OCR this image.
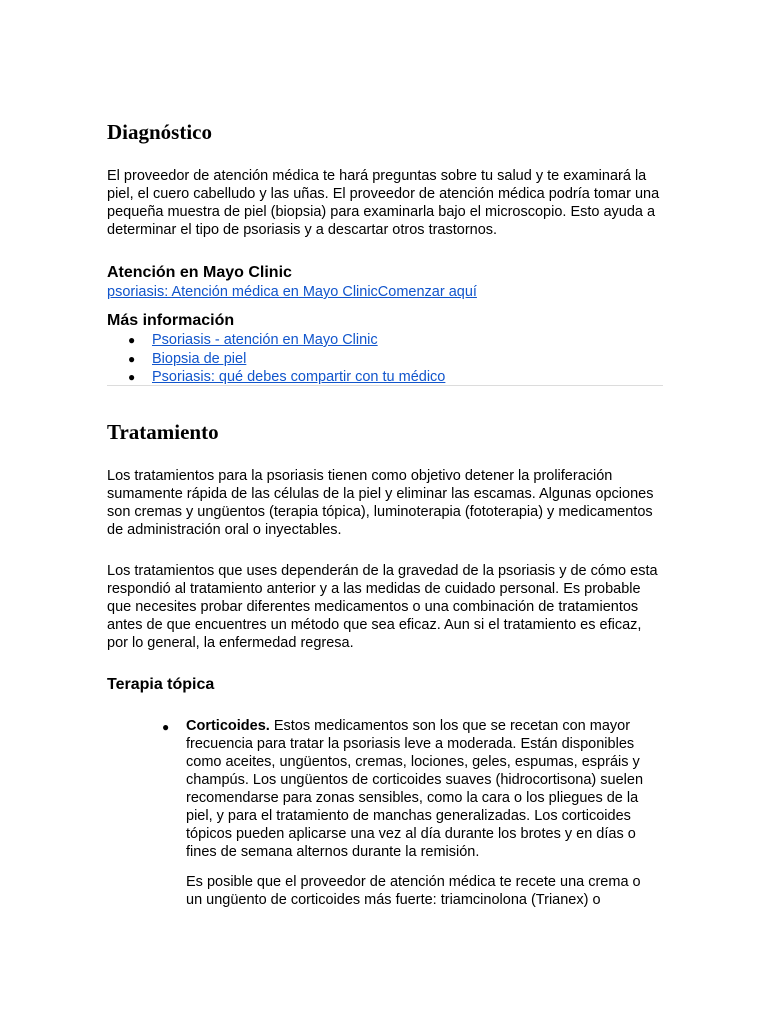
Diagnóstico

El proveedor de atención médica te hará preguntas sobre tu salud y te examinará la piel, el cuero cabelludo y las uñas. El proveedor de atención médica podría tomar una pequeña muestra de piel (biopsia) para examinarla bajo el microscopio. Esto ayuda a determinar el tipo de psoriasis y a descartar otros trastornos.

Atención en Mayo Clinic
psoriasis: Atención médica en Mayo ClinicComenzar aquí
Más información
● Psoriasis - atención en Mayo Clinic
● Biopsia de piel
● Psoriasis: qué debes compartir con tu médico
Tratamiento

Los tratamientos para la psoriasis tienen como objetivo detener la proliferación sumamente rápida de las células de la piel y eliminar las escamas. Algunas opciones son cremas y ungüentos (terapia tópica), luminoterapia (fototerapia) y medicamentos de administración oral o inyectables.

Los tratamientos que uses dependerán de la gravedad de la psoriasis y de cómo esta respondió al tratamiento anterior y a las medidas de cuidado personal. Es probable que necesites probar diferentes medicamentos o una combinación de tratamientos antes de que encuentres un método que sea eficaz. Aun si el tratamiento es eficaz, por lo general, la enfermedad regresa.

Terapia tópica
● Corticoides. Estos medicamentos son los que se recetan con mayor frecuencia para tratar la psoriasis leve a moderada. Están disponibles como aceites, ungüentos, cremas, lociones, geles, espumas, espráis y champús. Los ungüentos de corticoides suaves (hidrocortisona) suelen recomendarse para zonas sensibles, como la cara o los pliegues de la piel, y para el tratamiento de manchas generalizadas. Los corticoides tópicos pueden aplicarse una vez al día durante los brotes y en días o fines de semana alternos durante la remisión.

Es posible que el proveedor de atención médica te recete una crema o un ungüento de corticoides más fuerte: triamcinolona (Trianex) o
